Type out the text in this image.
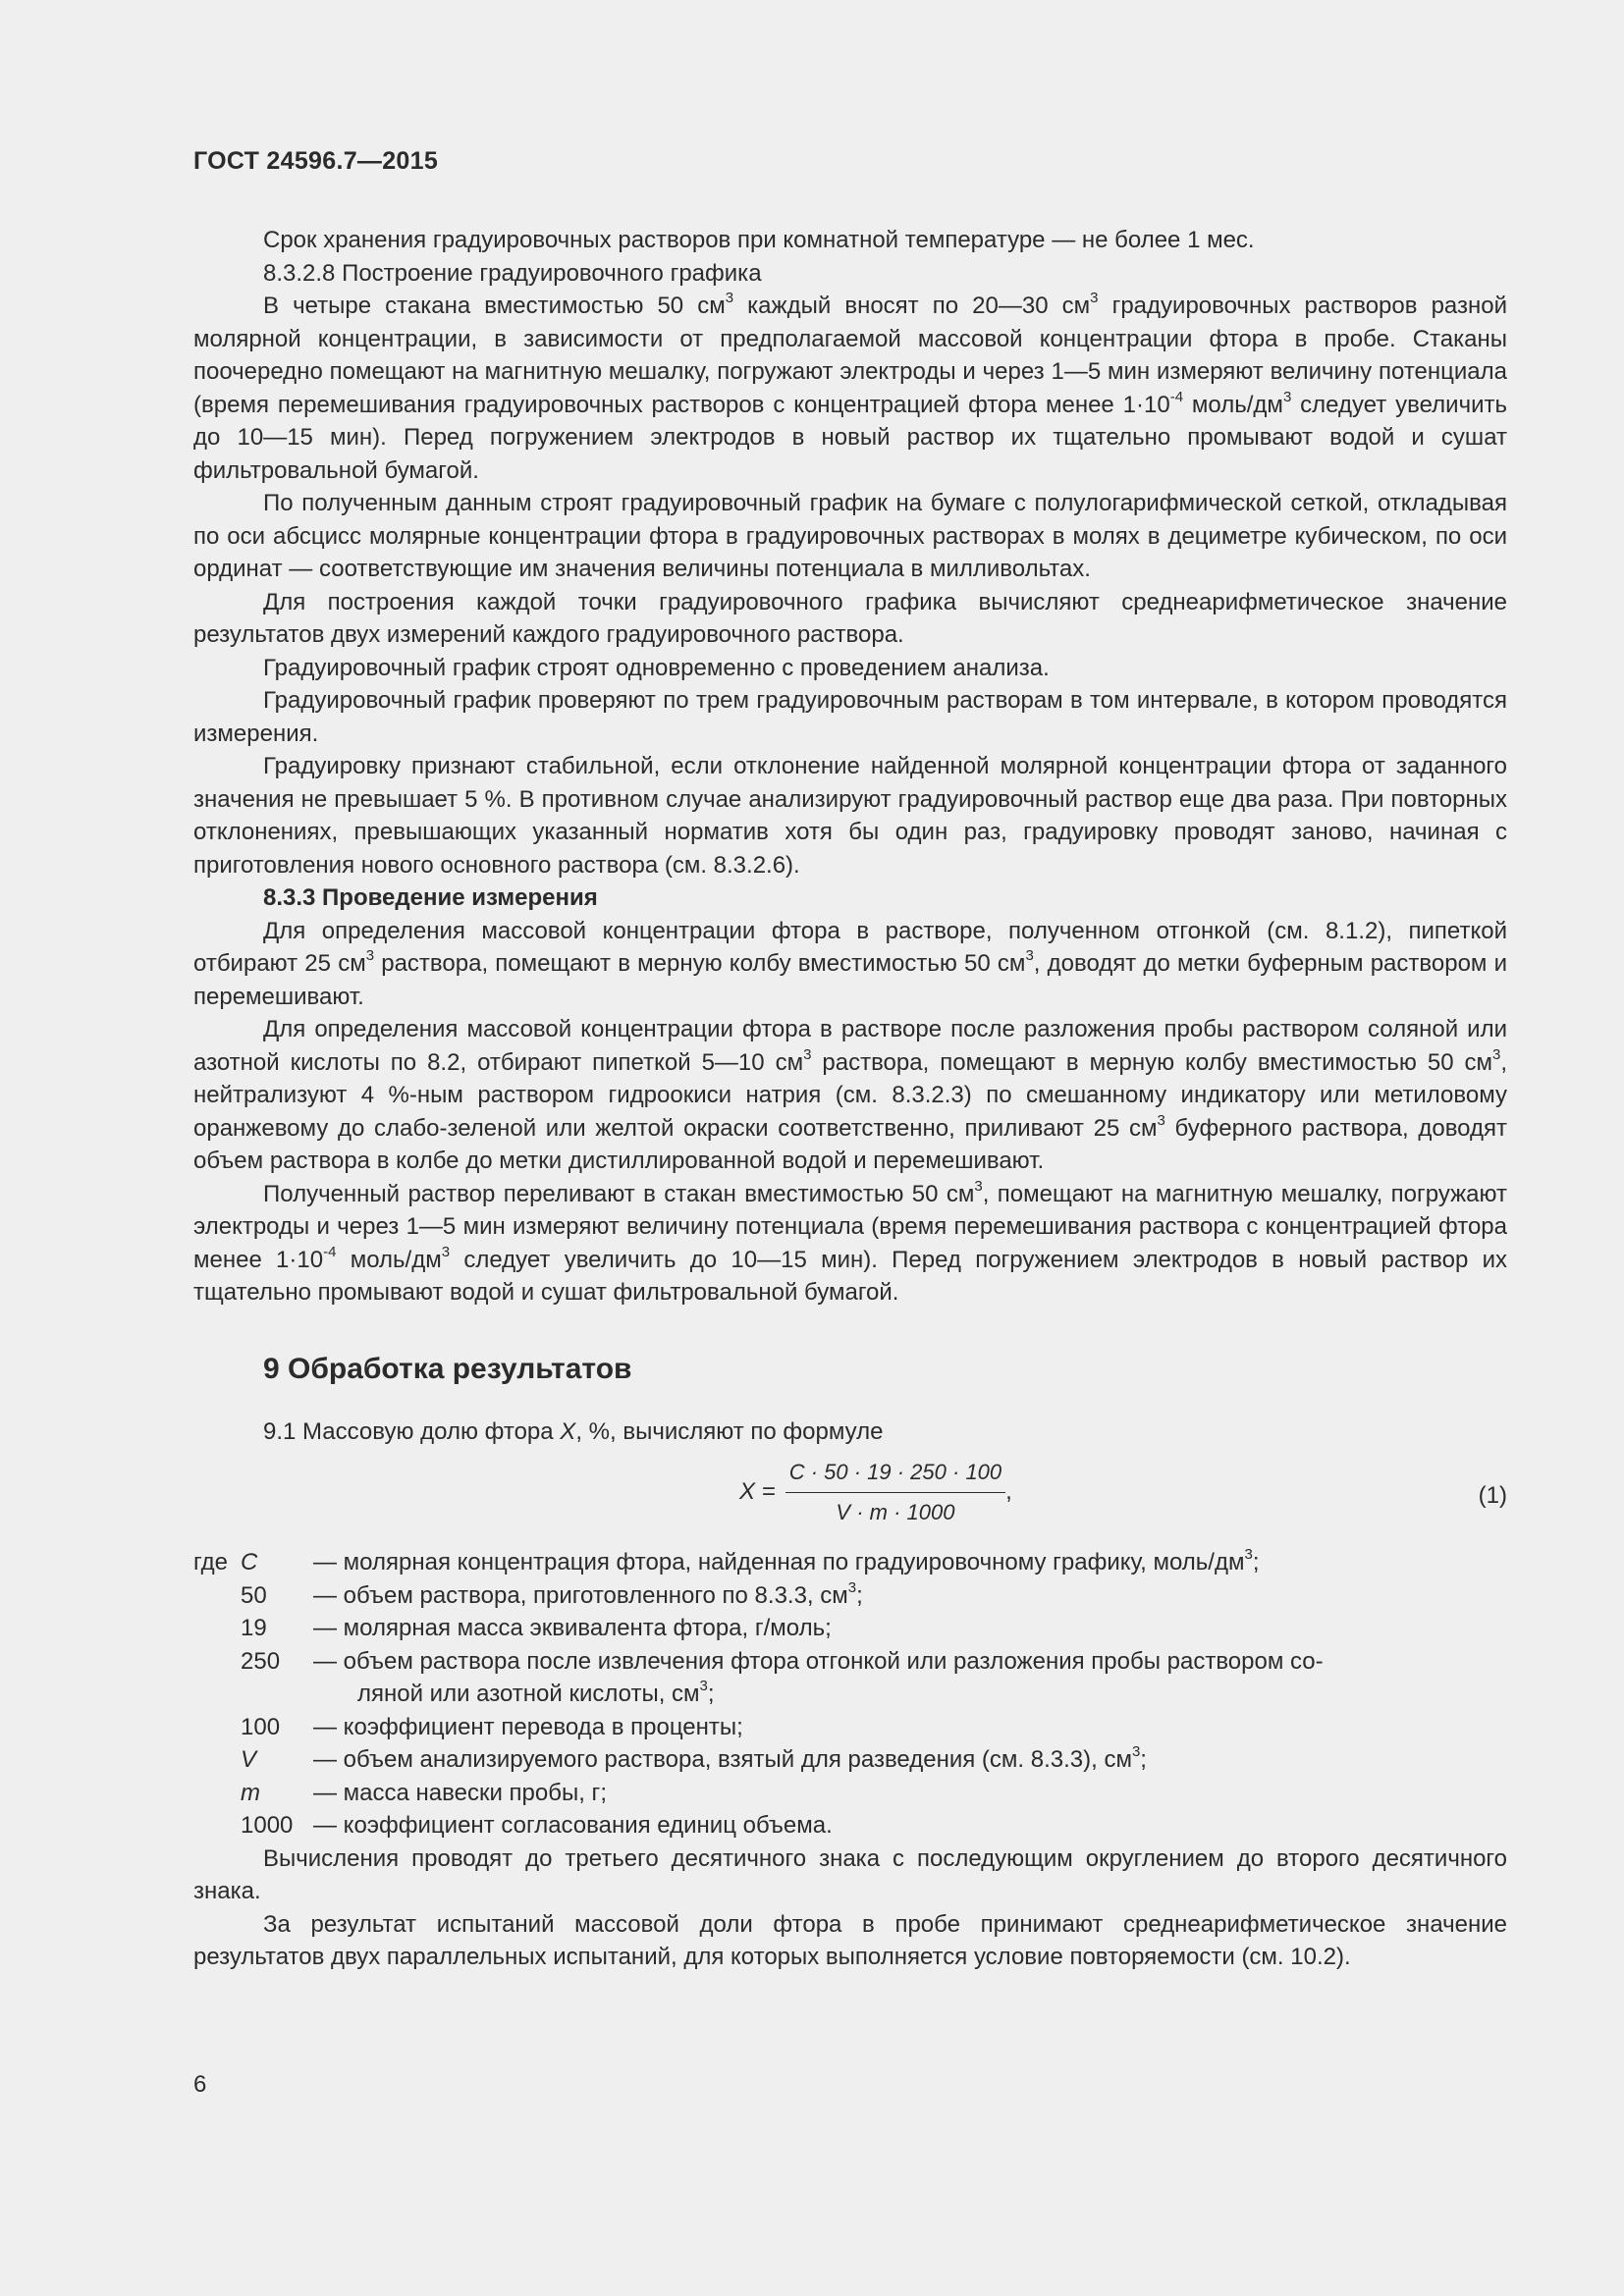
ГОСТ 24596.7—2015

Срок хранения градуировочных растворов при комнатной температуре — не более 1 мес.

8.3.2.8 Построение градуировочного графика

В четыре стакана вместимостью 50 $см^3$ каждый вносят по 20—30 $см^3$ градуировочных растворов разной молярной концентрации, в зависимости от предполагаемой массовой концентрации фтора в пробе. Стаканы поочередно помещают на магнитную мешалку, погружают электроды и через 1—5 мин измеряют величину потенциала (время перемешивания градуировочных растворов с концентрацией фтора менее $1\cdot 10^{-4}$ моль/$дм^3$ следует увеличить до 10—15 мин). Перед погружением электродов в новый раствор их тщательно промывают водой и сушат фильтровальной бумагой.

По полученным данным строят градуировочный график на бумаге с полулогарифмической сеткой, откладывая по оси абсцисс молярные концентрации фтора в градуировочных растворах в молях в дециметре кубическом, по оси ординат — соответствующие им значения величины потенциала в милливольтах.

Для построения каждой точки градуировочного графика вычисляют среднеарифметическое значение результатов двух измерений каждого градуировочного раствора.

Градуировочный график строят одновременно с проведением анализа.

Градуировочный график проверяют по трем градуировочным растворам в том интервале, в котором проводятся измерения.

Градуировку признают стабильной, если отклонение найденной молярной концентрации фтора от заданного значения не превышает 5 %. В противном случае анализируют градуировочный раствор еще два раза. При повторных отклонениях, превышающих указанный норматив хотя бы один раз, градуировку проводят заново, начиная с приготовления нового основного раствора (см. 8.3.2.6).

8.3.3 Проведение измерения

Для определения массовой концентрации фтора в растворе, полученном отгонкой (см. 8.1.2), пипеткой отбирают 25 $см^3$ раствора, помещают в мерную колбу вместимостью 50 $см^3$, доводят до метки буферным раствором и перемешивают.

Для определения массовой концентрации фтора в растворе после разложения пробы раствором соляной или азотной кислоты по 8.2, отбирают пипеткой 5—10 $см^3$ раствора, помещают в мерную колбу вместимостью 50 $см^3$, нейтрализуют 4 %-ным раствором гидроокиси натрия (см. 8.3.2.3) по смешанному индикатору или метиловому оранжевому до слабо-зеленой или желтой окраски соответственно, приливают 25 $см^3$ буферного раствора, доводят объем раствора в колбе до метки дистиллированной водой и перемешивают.

Полученный раствор переливают в стакан вместимостью 50 $см^3$, помещают на магнитную мешалку, погружают электроды и через 1—5 мин измеряют величину потенциала (время перемешивания раствора с концентрацией фтора менее $1\cdot 10^{-4}$ моль/$дм^3$ следует увеличить до 10—15 мин). Перед погружением электродов в новый раствор их тщательно промывают водой и сушат фильтровальной бумагой.

9 Обработка результатов
9.1 Массовую долю фтора X, %, вычисляют по формуле
$X = \frac{C \cdot 50 \cdot 19 \cdot 250 \cdot 100}{V \cdot m \cdot 1000}$ ,	(1)
где C	— молярная концентрация фтора, найденная по градуировочному графику, моль/$дм^3$;
50	— объем раствора, приготовленного по 8.3.3, $см^3$;
19	— молярная масса эквивалента фтора, г/моль;
250	— объем раствора после извлечения фтора отгонкой или разложения пробы раствором со-
ляной или азотной кислоты, $см^3$;
100	— коэффициент перевода в проценты;
V	— объем анализируемого раствора, взятый для разведения (см. 8.3.3), $см^3$;
m	— масса навески пробы, г;
1000 — коэффициент согласования единиц объема.

Вычисления проводят до третьего десятичного знака с последующим округлением до второго десятичного знака.

За результат испытаний массовой доли фтора в пробе принимают среднеарифметическое значение результатов двух параллельных испытаний, для которых выполняется условие повторяемости (см. 10.2).

6
